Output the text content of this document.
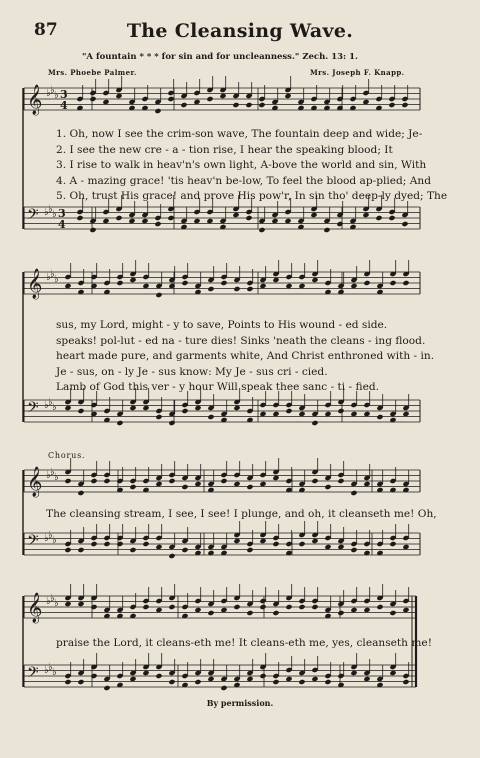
87	The Cleansing Wave.
"A fountain * * * for sin and for uncleanness." Zech. 13: 1.
Mrs. Phoebe Palmer.	Mrs. Joseph F. Knapp.
𝄞 ♭ ♭ ♭ 3
4
𝄢 ♭ ♭ ♭ 3
4
𝄞 ♭ ♭ ♭
𝄢 ♭ ♭ ♭
𝄞 ♭ ♭ ♭
𝄢 ♭ ♭ ♭
𝄞 ♭ ♭ ♭
𝄢 ♭ ♭ ♭
1. Oh, now I see the crim-son wave, The fountain deep and wide; Je-
2. I see the new cre - a - tion rise, I hear the speaking blood; It
3. I rise to walk in heav'n's own light, A-bove the world and sin, With
4. A - mazing grace! 'tis heav'n be-low, To feel the blood ap-plied; And
5. Oh, trust His grace! and prove His pow'r, In sin tho' deep-ly dyed; The
sus, my Lord, might - y to save, Points to His wound - ed side.
speaks! pol-lut - ed na - ture dies! Sinks 'neath the cleans - ing flood.
heart made pure, and garments white, And Christ enthroned with - in.
Je - sus, on - ly Je - sus know: My Je - sus cri - cied.
Lamb of God this ver - y hour Will speak thee sanc - ti - fied.
Chorus.
The cleansing stream, I see, I see! I plunge, and oh, it cleanseth me! Oh,
praise the Lord, it cleans-eth me! It cleans-eth me, yes, cleanseth me!
By permission.
